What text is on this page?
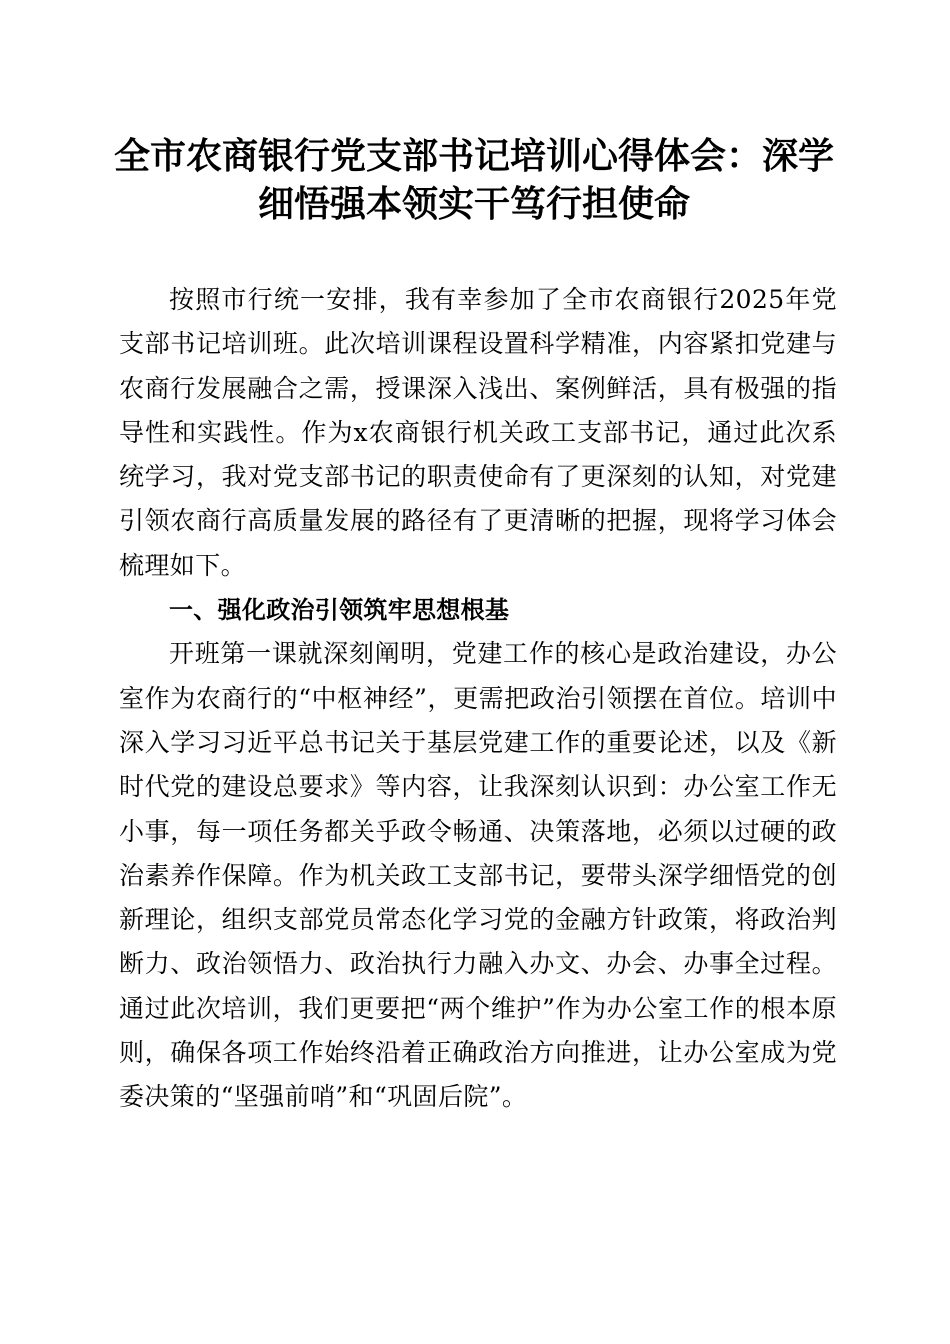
全市农商银行党支部书记培训心得体会：深学细悟强本领实干笃行担使命

按照市行统一安排，我有幸参加了全市农商银行2025年党支部书记培训班。此次培训课程设置科学精准，内容紧扣党建与农商行发展融合之需，授课深入浅出、案例鲜活，具有极强的指导性和实践性。作为x农商银行机关政工支部书记，通过此次系统学习，我对党支部书记的职责使命有了更深刻的认知，对党建引领农商行高质量发展的路径有了更清晰的把握，现将学习体会梳理如下。

一、强化政治引领筑牢思想根基

开班第一课就深刻阐明，党建工作的核心是政治建设，办公室作为农商行的“中枢神经”，更需把政治引领摆在首位。培训中深入学习习近平总书记关于基层党建工作的重要论述，以及《新时代党的建设总要求》等内容，让我深刻认识到：办公室工作无小事，每一项任务都关乎政令畅通、决策落地，必须以过硬的政治素养作保障。作为机关政工支部书记，要带头深学细悟党的创新理论，组织支部党员常态化学习党的金融方针政策，将政治判断力、政治领悟力、政治执行力融入办文、办会、办事全过程。通过此次培训，我们更要把“两个维护”作为办公室工作的根本原则，确保各项工作始终沿着正确政治方向推进，让办公室成为党委决策的“坚强前哨”和“巩固后院”。
